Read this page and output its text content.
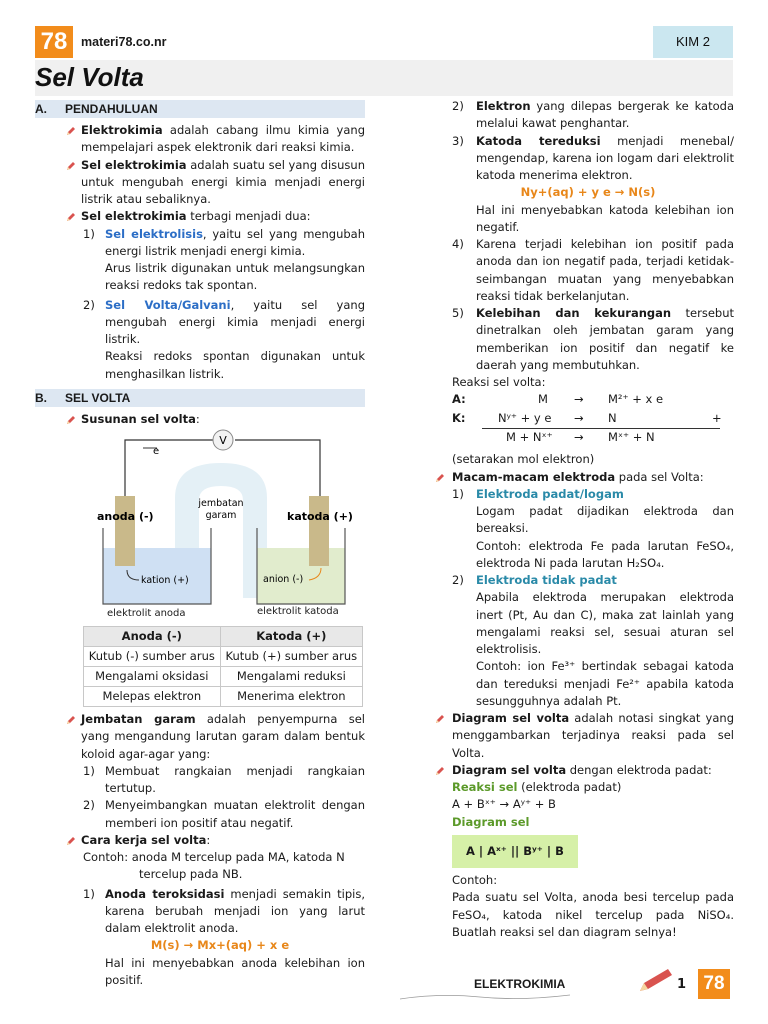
78	materi78.co.nr	KIM 2
Sel Volta
A. PENDAHULUAN
Elektrokimia adalah cabang ilmu kimia yang mempelajari aspek elektronik dari reaksi kimia.
Sel elektrokimia adalah suatu sel yang disusun untuk mengubah energi kimia menjadi energi listrik atau sebaliknya.
Sel elektrokimia terbagi menjadi dua:
1) Sel elektrolisis, yaitu sel yang mengubah energi listrik menjadi energi kimia.
Arus listrik digunakan untuk melangsungkan reaksi redoks tak spontan.
2) Sel Volta/Galvani, yaitu sel yang mengubah energi kimia menjadi energi listrik.
Reaksi redoks spontan digunakan untuk menghasilkan listrik.
B. SEL VOLTA
Susunan sel volta:
V
e
jembatan
garam
anoda (-)	katoda (+)
kation (+)	anion (-)
elektrolit anoda	elektrolit katoda
Anoda (-)	Katoda (+)
Kutub (-) sumber arus	Kutub (+) sumber arus
Mengalami oksidasi	Mengalami reduksi
Melepas elektron	Menerima elektron
Jembatan garam adalah penyempurna sel yang mengandung larutan garam dalam bentuk koloid agar-agar yang:
1) Membuat rangkaian menjadi rangkaian tertutup.
2) Menyeimbangkan muatan elektrolit dengan memberi ion positif atau negatif.
Cara kerja sel volta:
Contoh: anoda M tercelup pada MA, katoda N
tercelup pada NB.
1) Anoda teroksidasi menjadi semakin tipis, karena berubah menjadi ion yang larut dalam elektrolit anoda.
M(s) → Mx+(aq) + x e
Hal ini menyebabkan anoda kelebihan ion positif.
2) Elektron yang dilepas bergerak ke katoda melalui kawat penghantar.
3) Katoda tereduksi menjadi menebal/ mengendap, karena ion logam dari elektrolit katoda menerima elektron.
Ny+(aq) + y e → N(s)
Hal ini menyebabkan katoda kelebihan ion negatif.
4) Karena terjadi kelebihan ion positif pada anoda dan ion negatif pada, terjadi ketidak-seimbangan muatan yang menyebabkan reaksi tidak berkelanjutan.
5) Kelebihan dan kekurangan tersebut dinetralkan oleh jembatan garam yang memberikan ion positif dan negatif ke daerah yang membutuhkan.
Reaksi sel volta:
A:	M → M²⁺ + x e
K:	Nʸ⁺ + y e → N	+
M + Nˣ⁺ → Mˣ⁺ + N
(setarakan mol elektron)
Macam-macam elektroda pada sel Volta:
1) Elektroda padat/logam
Logam padat dijadikan elektroda dan bereaksi.
Contoh: elektroda Fe pada larutan FeSO₄, elektroda Ni pada larutan H₂SO₄.
2) Elektroda tidak padat
Apabila elektroda merupakan elektroda inert (Pt, Au dan C), maka zat lainlah yang mengalami reaksi sel, sesuai aturan sel elektrolisis.
Contoh: ion Fe³⁺ bertindak sebagai katoda dan tereduksi menjadi Fe²⁺ apabila katoda sesungguhnya adalah Pt.
Diagram sel volta adalah notasi singkat yang menggambarkan terjadinya reaksi pada sel Volta.
Diagram sel volta dengan elektroda padat:
Reaksi sel (elektroda padat)
A + Bˣ⁺ → Aʸ⁺ + B
Diagram sel
A | Aˣ⁺ || Bʸ⁺ | B
Contoh:
Pada suatu sel Volta, anoda besi tercelup pada FeSO₄, katoda nikel tercelup pada NiSO₄. Buatlah reaksi sel dan diagram selnya!
ELEKTROKIMIA	1 78
